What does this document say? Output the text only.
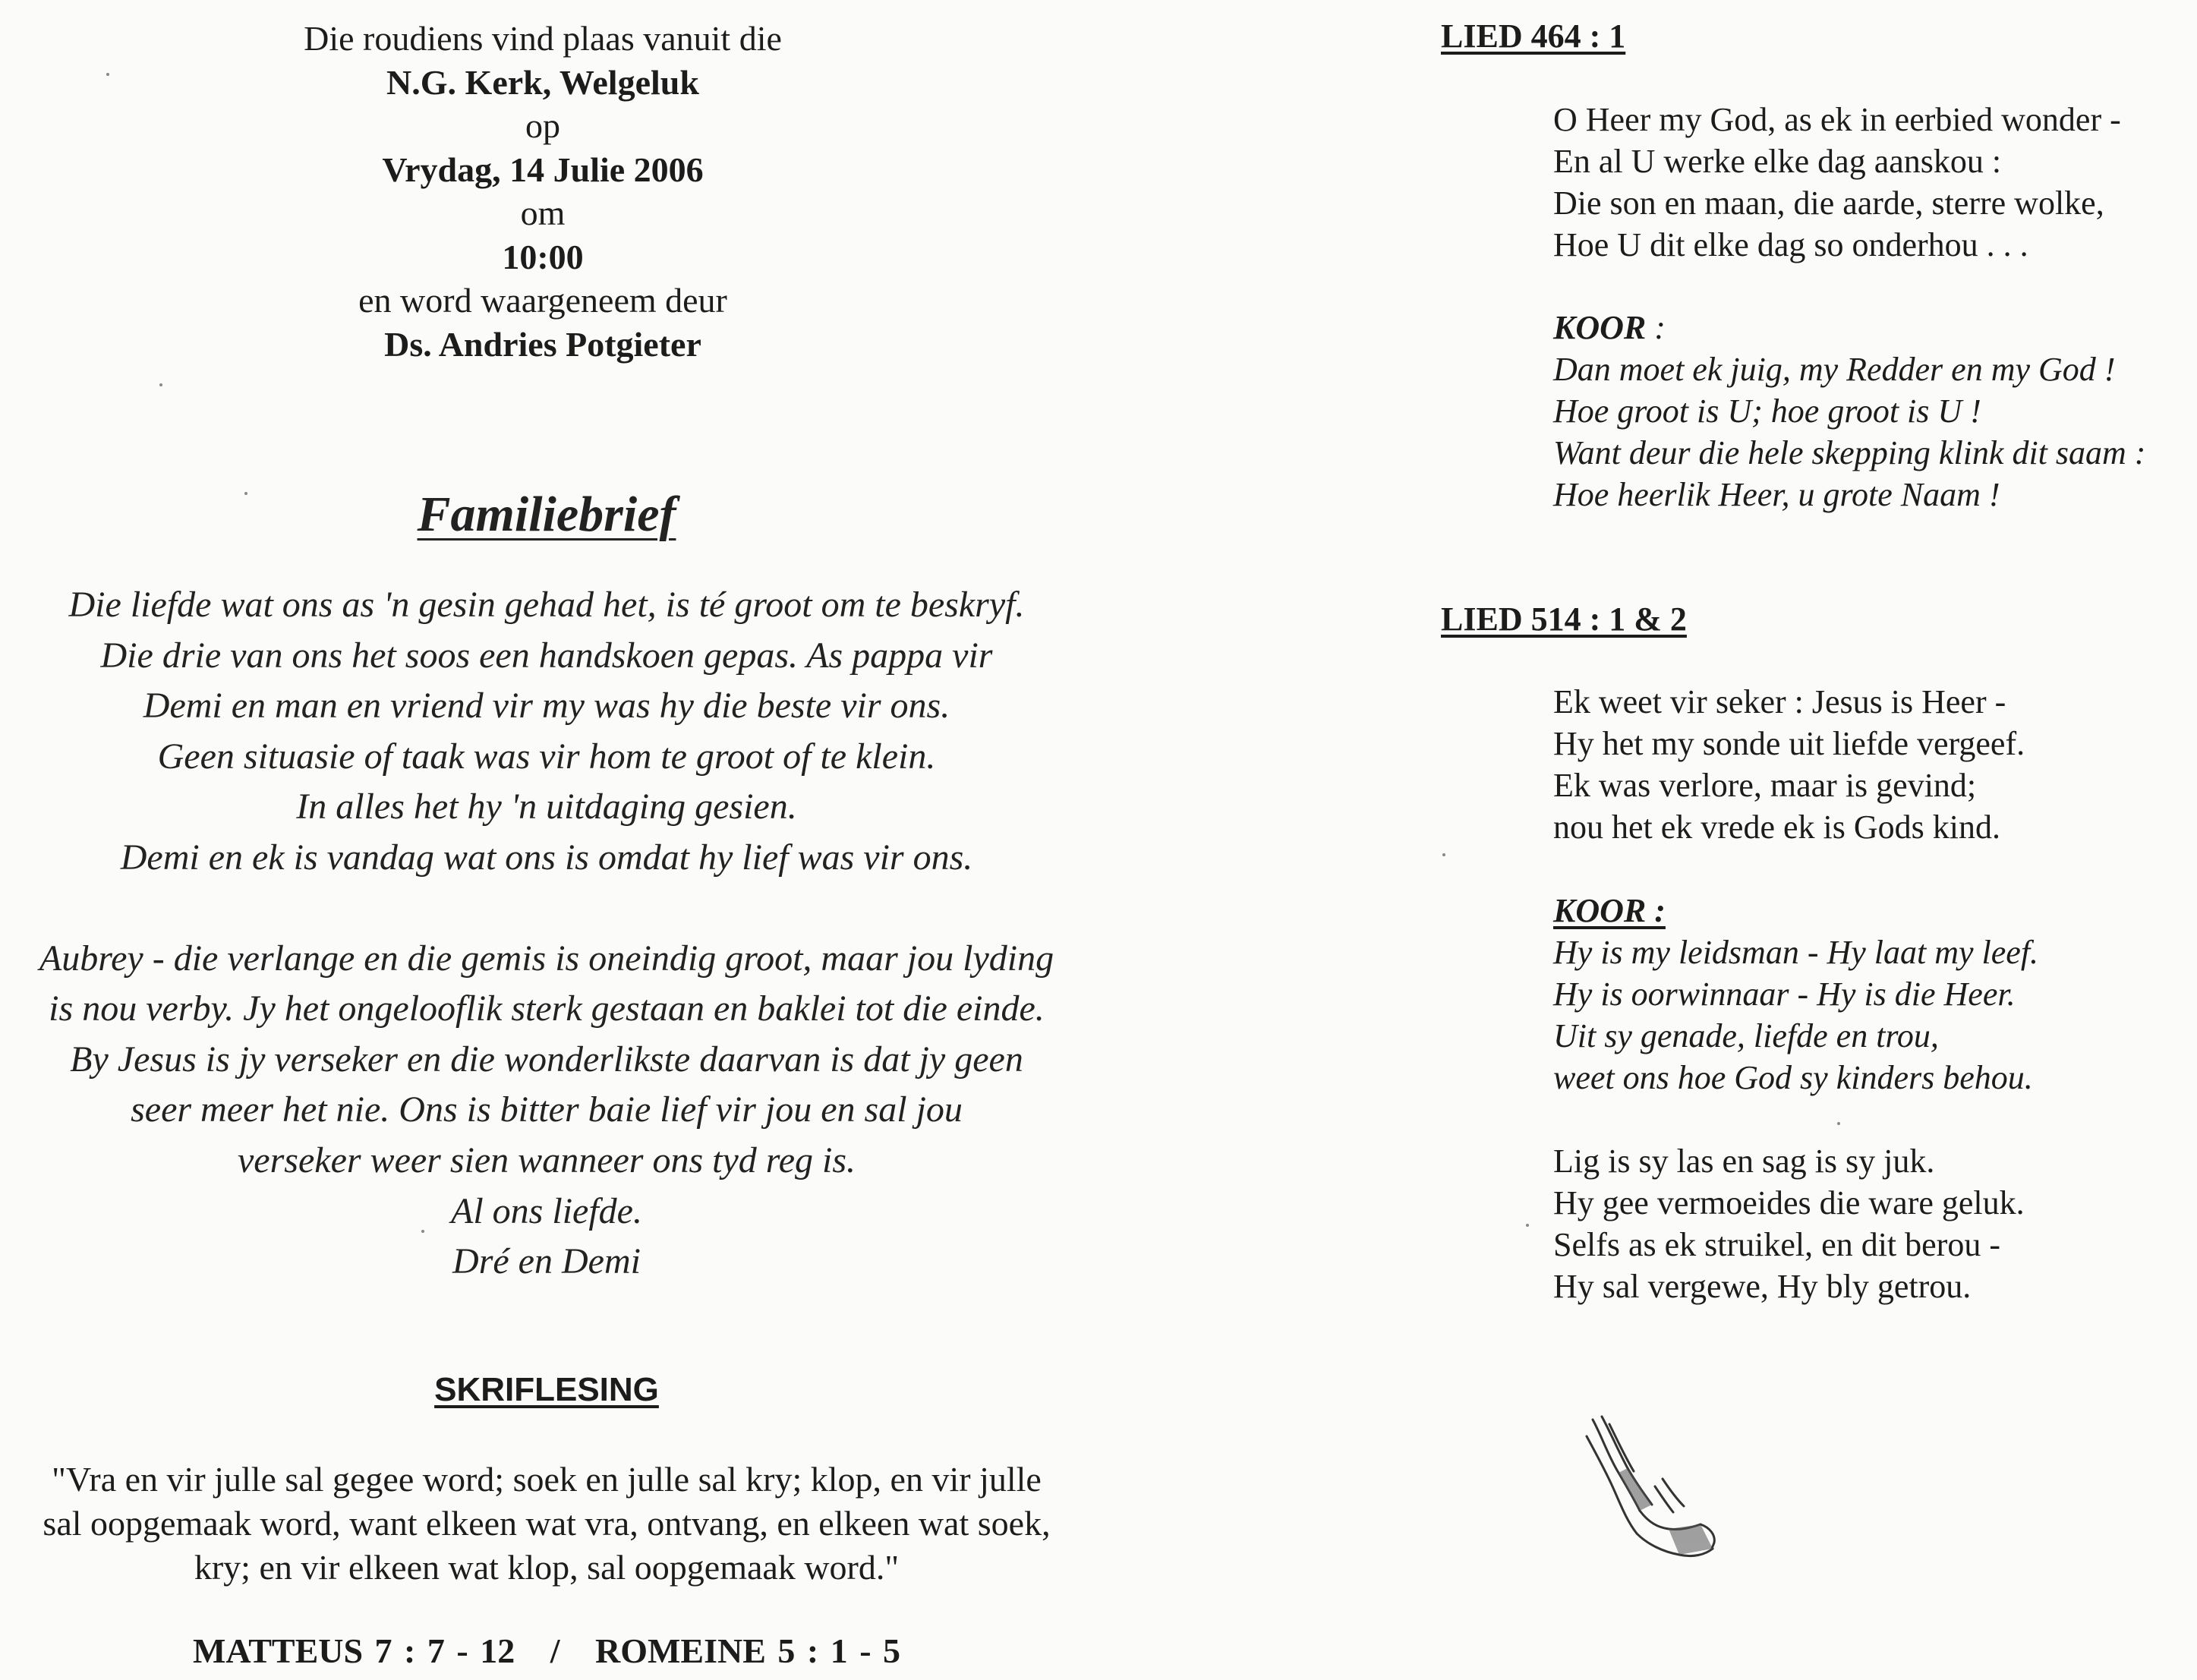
Die roudiens vind plaas vanuit die
N.G. Kerk, Welgeluk
op
Vrydag, 14 Julie 2006
om
10:00
en word waargeneem deur
Ds. Andries Potgieter
Familiebrief
Die liefde wat ons as 'n gesin gehad het, is té groot om te beskryf.
Die drie van ons het soos een handskoen gepas. As pappa vir
Demi en man en vriend vir my was hy die beste vir ons.
Geen situasie of taak was vir hom te groot of te klein.
In alles het hy 'n uitdaging gesien.
Demi en ek is vandag wat ons is omdat hy lief was vir ons.
Aubrey - die verlange en die gemis is oneindig groot, maar jou lyding
is nou verby. Jy het ongelooflik sterk gestaan en baklei tot die einde.
By Jesus is jy verseker en die wonderlikste daarvan is dat jy geen
seer meer het nie. Ons is bitter baie lief vir jou en sal jou
verseker weer sien wanneer ons tyd reg is.
Al ons liefde.
Dré en Demi
SKRIFLESING
"Vra en vir julle sal gegee word; soek en julle sal kry; klop, en vir julle
sal oopgemaak word, want elkeen wat vra, ontvang, en elkeen wat soek,
kry; en vir elkeen wat klop, sal oopgemaak word."
MATTEUS 7 : 7 - 12   /   ROMEINE 5 : 1 - 5
LIED 464 : 1
O Heer my God, as ek in eerbied wonder -
En al U werke elke dag aanskou :
Die son en maan, die aarde, sterre wolke,
Hoe U dit elke dag so onderhou . . .
KOOR :
Dan moet ek juig, my Redder en my God !
Hoe groot is U; hoe groot is U !
Want deur die hele skepping klink dit saam :
Hoe heerlik Heer, u grote Naam !
LIED 514 : 1 & 2
Ek weet vir seker : Jesus is Heer -
Hy het my sonde uit liefde vergeef.
Ek was verlore, maar is gevind;
nou het ek vrede ek is Gods kind.
KOOR :
Hy is my leidsman - Hy laat my leef.
Hy is oorwinnaar - Hy is die Heer.
Uit sy genade, liefde en trou,
weet ons hoe God sy kinders behou.
Lig is sy las en sag is sy juk.
Hy gee vermoeides die ware geluk.
Selfs as ek struikel, en dit berou -
Hy sal vergewe, Hy bly getrou.
